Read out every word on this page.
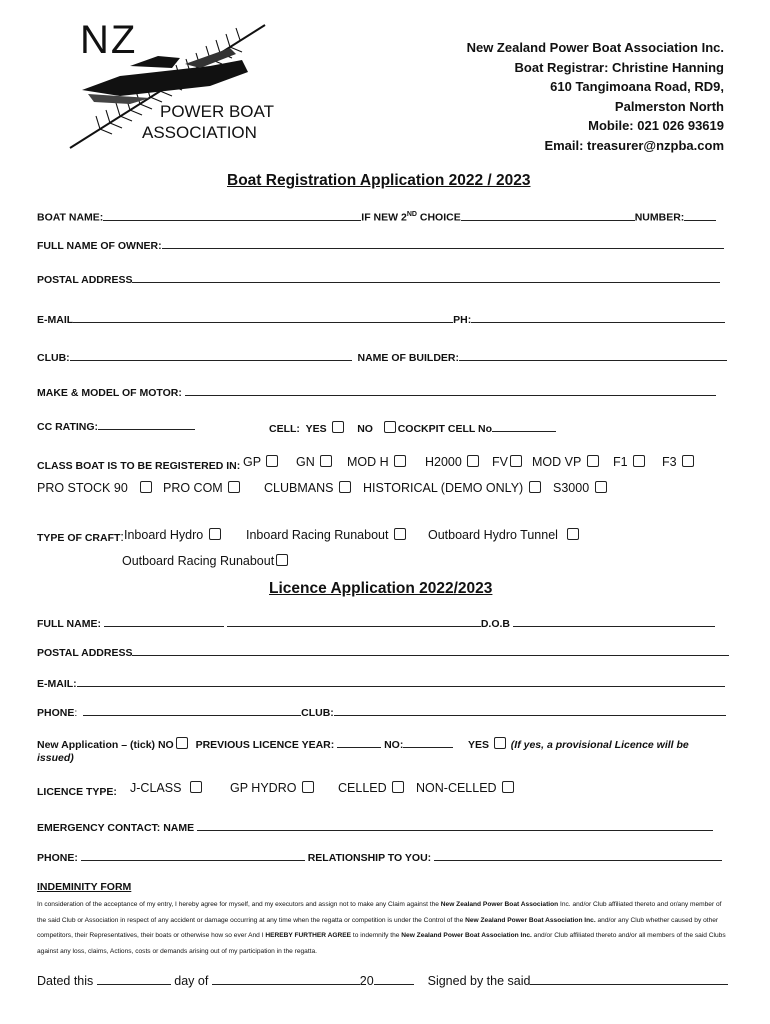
NZ
POWER BOAT
ASSOCIATION
New Zealand Power Boat Association Inc.
Boat Registrar: Christine Hanning
610 Tangimoana Road, RD9,
Palmerston North
Mobile: 021 026 93619
Email: treasurer@nzpba.com
Boat Registration Application 2022 / 2023
BOAT NAME:	IF NEW 2ND CHOICE	NUMBER:
FULL NAME OF OWNER:
POSTAL ADDRESS
E-MAIL	PH:
CLUB:	NAME OF BUILDER:
MAKE & MODEL OF MOTOR:
CC RATING:	CELL: YES	NO COCKPIT CELL No
CLASS BOAT IS TO BE REGISTERED IN: GP	GN	MOD H	H2000	FV	MOD VP	F1	F3
PRO STOCK 90	PRO COM	CLUBMANS	HISTORICAL (DEMO ONLY)	S3000
TYPE OF CRAFT: Inboard Hydro	Inboard Racing Runabout	Outboard Hydro Tunnel
Outboard Racing Runabout
Licence Application 2022/2023
FULL NAME:	D.O.B
POSTAL ADDRESS
E-MAIL:
PHONE:	CLUB:
New Application – (tick) NO PREVIOUS LICENCE YEAR:	NO:	YES (If yes, a provisional Licence will be
issued)
LICENCE TYPE: J-CLASS	GP HYDRO	CELLED	NON-CELLED
EMERGENCY CONTACT: NAME
PHONE:	RELATIONSHIP TO YOU:
INDEMINITY FORM
In consideration of the acceptance of my entry, I hereby agree for myself, and my executors and assign not to make any Claim against the New Zealand Power Boat Association Inc. and/or Club affiliated thereto and or/any member of the said Club or Association in respect of any accident or damage occurring at any time when the regatta or competition is under the Control of the New Zealand Power Boat Association Inc. and/or any Club whether caused by other competitors, their Representatives, their boats or otherwise how so ever And I HEREBY FURTHER AGREE to indemnify the New Zealand Power Boat Association Inc. and/or Club affiliated thereto and/or all members of the said Clubs against any loss, claims, Actions, costs or demands arising out of my participation in the regatta.
Dated this	day of	20	Signed by the said
